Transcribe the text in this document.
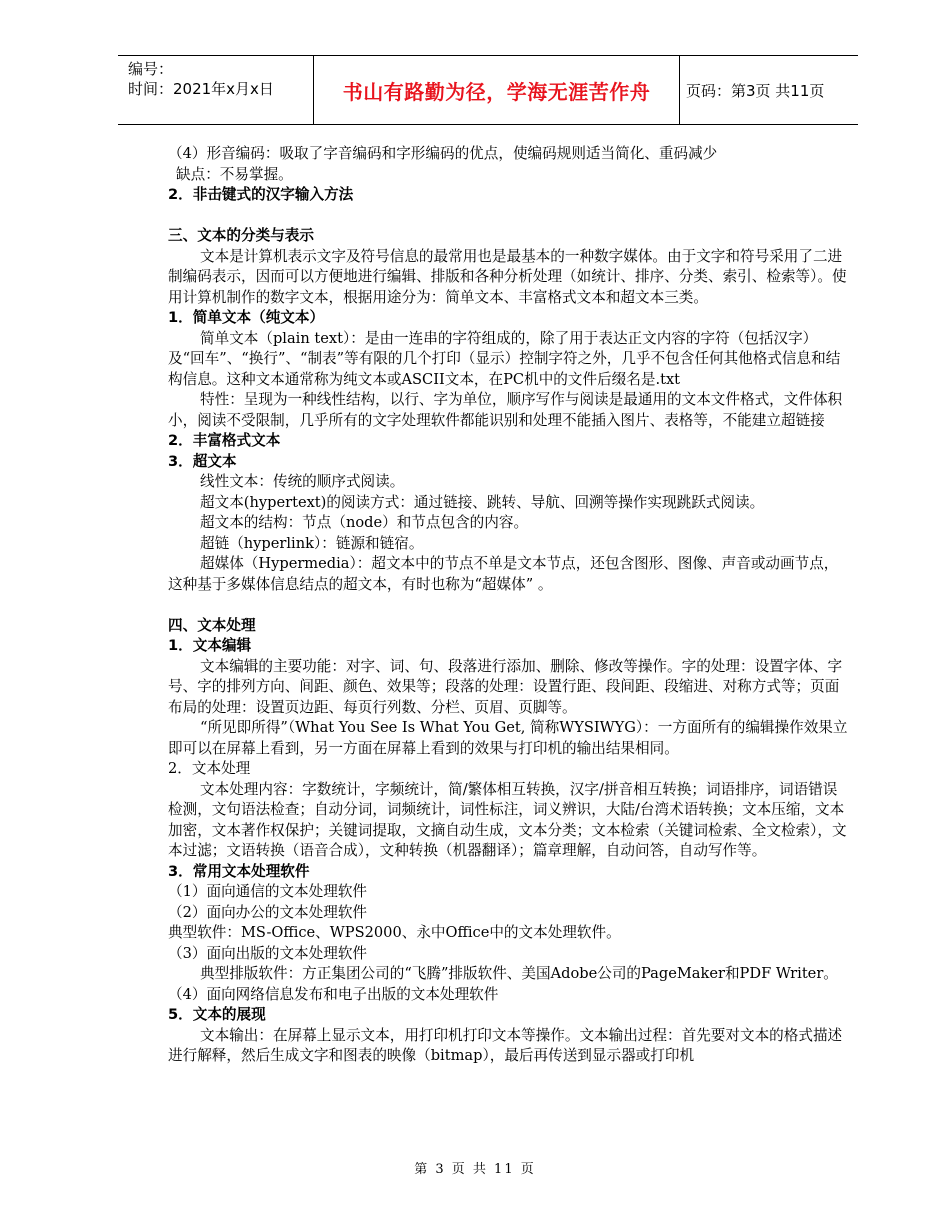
编号：
时间：2021年x月x日	书山有路勤为径，学海无涯苦作舟	页码：第3页 共11页

（4）形音编码：吸取了字音编码和字形编码的优点，使编码规则适当简化、重码减少

缺点：不易掌握。

2．非击键式的汉字输入方法

三、文本的分类与表示

文本是计算机表示文字及符号信息的最常用也是最基本的一种数字媒体。由于文字和符号采用了二进制编码表示，因而可以方便地进行编辑、排版和各种分析处理（如统计、排序、分类、索引、检索等）。使用计算机制作的数字文本，根据用途分为：简单文本、丰富格式文本和超文本三类。

1．简单文本（纯文本）

简单文本（plain text）：是由一连串的字符组成的，除了用于表达正文内容的字符（包括汉字）及“回车”、“换行”、“制表”等有限的几个打印（显示）控制字符之外，几乎不包含任何其他格式信息和结构信息。这种文本通常称为纯文本或ASCII文本，在PC机中的文件后缀名是.txt

特性：呈现为一种线性结构，以行、字为单位，顺序写作与阅读是最通用的文本文件格式，文件体积小，阅读不受限制，几乎所有的文字处理软件都能识别和处理不能插入图片、表格等，不能建立超链接

2．丰富格式文本

3．超文本

线性文本：传统的顺序式阅读。

超文本(hypertext)的阅读方式：通过链接、跳转、导航、回溯等操作实现跳跃式阅读。

超文本的结构：节点（node）和节点包含的内容。

超链（hyperlink）：链源和链宿。

超媒体（Hypermedia）：超文本中的节点不单是文本节点，还包含图形、图像、声音或动画节点，这种基于多媒体信息结点的超文本，有时也称为“超媒体” 。

四、文本处理

1．文本编辑

文本编辑的主要功能：对字、词、句、段落进行添加、删除、修改等操作。字的处理：设置字体、字号、字的排列方向、间距、颜色、效果等；段落的处理：设置行距、段间距、段缩进、对称方式等；页面布局的处理：设置页边距、每页行列数、分栏、页眉、页脚等。

“所见即所得”（What You See Is What You Get, 简称WYSIWYG）：一方面所有的编辑操作效果立即可以在屏幕上看到，另一方面在屏幕上看到的效果与打印机的输出结果相同。

2．文本处理

文本处理内容：字数统计，字频统计，简/繁体相互转换，汉字/拼音相互转换；词语排序，词语错误检测，文句语法检查；自动分词，词频统计，词性标注，词义辨识，大陆/台湾术语转换；文本压缩，文本加密，文本著作权保护；关键词提取，文摘自动生成，文本分类；文本检索（关键词检索、全文检索），文本过滤；文语转换（语音合成），文种转换（机器翻译）；篇章理解，自动问答，自动写作等。

3．常用文本处理软件

（1）面向通信的文本处理软件

（2）面向办公的文本处理软件

典型软件：MS-Office、WPS2000、永中Office中的文本处理软件。

（3）面向出版的文本处理软件

典型排版软件：方正集团公司的“飞腾”排版软件、美国Adobe公司的PageMaker和PDF Writer。

（4）面向网络信息发布和电子出版的文本处理软件

5．文本的展现

文本输出：在屏幕上显示文本，用打印机打印文本等操作。文本输出过程：首先要对文本的格式描述进行解释，然后生成文字和图表的映像（bitmap），最后再传送到显示器或打印机

第 3 页 共 11 页
